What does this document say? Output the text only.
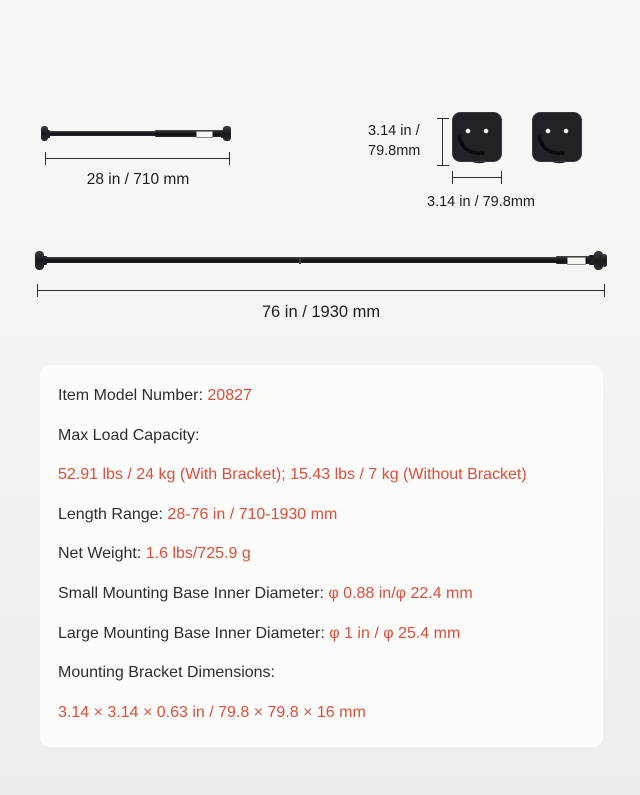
28 in / 710 mm
3.14 in /
79.8mm
3.14 in / 79.8mm
76 in / 1930 mm
Item Model Number: 20827
Max Load Capacity:
52.91 lbs / 24 kg (With Bracket); 15.43 lbs / 7 kg (Without Bracket)
Length Range: 28-76 in / 710-1930 mm
Net Weight: 1.6 lbs/725.9 g
Small Mounting Base Inner Diameter: φ 0.88 in/φ 22.4 mm
Large Mounting Base Inner Diameter: φ 1 in / φ 25.4 mm
Mounting Bracket Dimensions:
3.14 × 3.14 × 0.63 in / 79.8 × 79.8 × 16 mm
